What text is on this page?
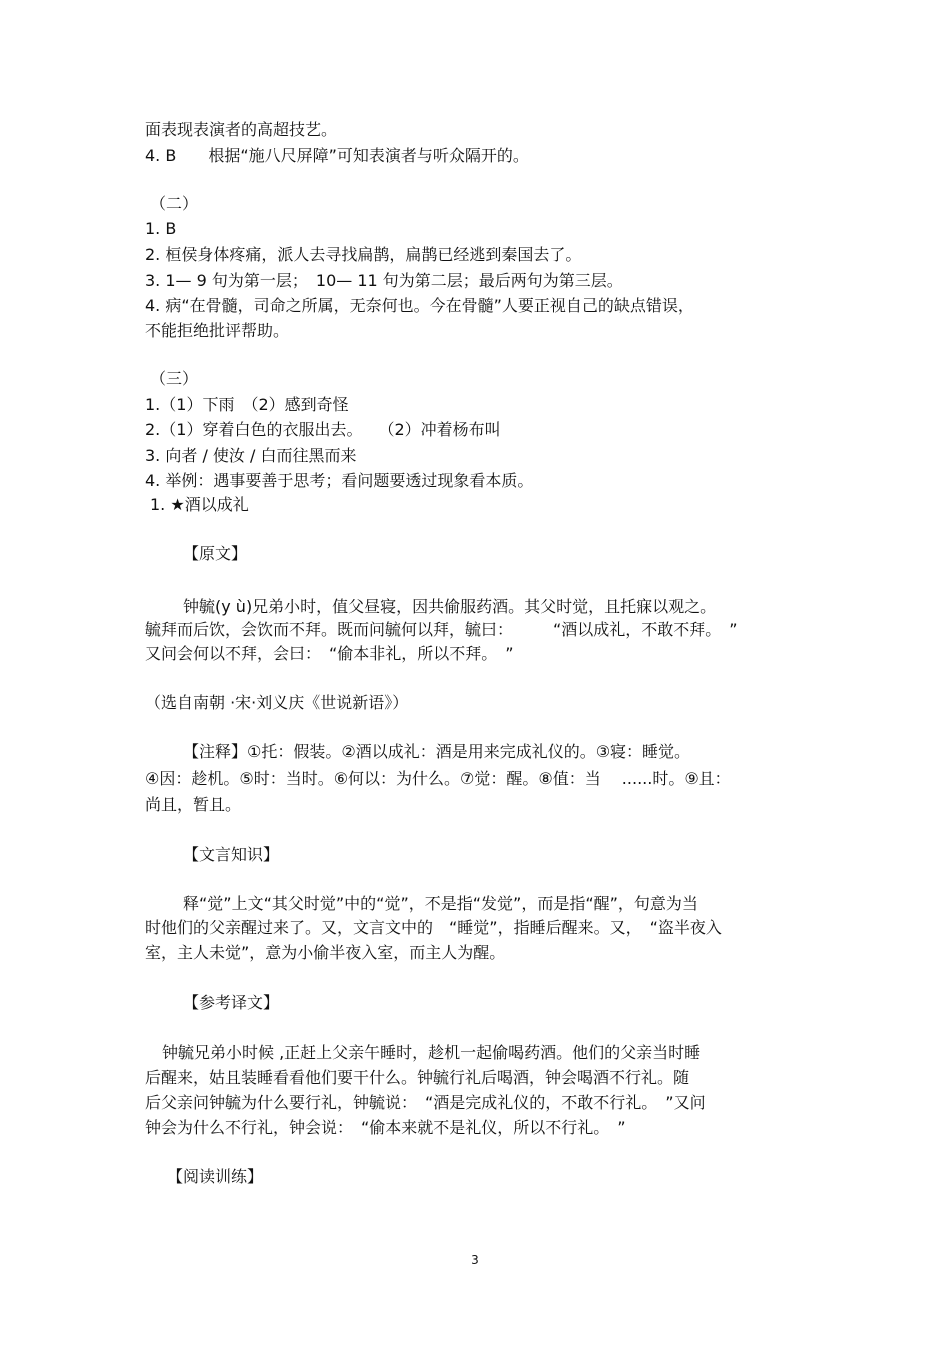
面表现表演者的高超技艺。
4. B　　根据“施八尺屏障”可知表演者与听众隔开的。
（二）
1. B
2. 桓侯身体疼痛，派人去寻找扁鹊，扁鹊已经逃到秦国去了。
3. 1— 9 句为第一层；　10— 11 句为第二层；最后两句为第三层。
4. 病“在骨髓，司命之所属，无奈何也。今在骨髓”人要正视自己的缺点错误，
不能拒绝批评帮助。
（三）
1.（1）下雨　（2）感到奇怪
2.（1）穿着白色的衣服出去。　　（2）冲着杨布叫
3. 向者 / 使汝 / 白而往黑而来
4. 举例：遇事要善于思考；看问题要透过现象看本质。
1. ★酒以成礼
【原文】
钟毓(y ù)兄弟小时，值父昼寝，因共偷服药酒。其父时觉，且托寐以观之。
毓拜而后饮，会饮而不拜。既而问毓何以拜，毓曰：　　　“酒以成礼，不敢不拜。　”
又问会何以不拜，会曰：　“偷本非礼，所以不拜。　”
（选自南朝 ·宋·刘义庆《世说新语》）
【注释】①托：假装。②酒以成礼：酒是用来完成礼仪的。③寝：睡觉。
④因：趁机。⑤时：当时。⑥何以：为什么。⑦觉：醒。⑧值：当　 ......时。⑨且：
尚且，暂且。
【文言知识】
释“觉”上文“其父时觉”中的“觉”，不是指“发觉”，而是指“醒”，句意为当
时他们的父亲醒过来了。又，文言文中的　“睡觉”，指睡后醒来。又，　“盗半夜入
室，主人未觉”，意为小偷半夜入室，而主人为醒。
【参考译文】
钟毓兄弟小时候 ,正赶上父亲午睡时，趁机一起偷喝药酒。他们的父亲当时睡
后醒来，姑且装睡看看他们要干什么。钟毓行礼后喝酒，钟会喝酒不行礼。随
后父亲问钟毓为什么要行礼，钟毓说：　“酒是完成礼仪的，不敢不行礼。　”又问
钟会为什么不行礼，钟会说：　“偷本来就不是礼仪，所以不行礼。　”
【阅读训练】
3
